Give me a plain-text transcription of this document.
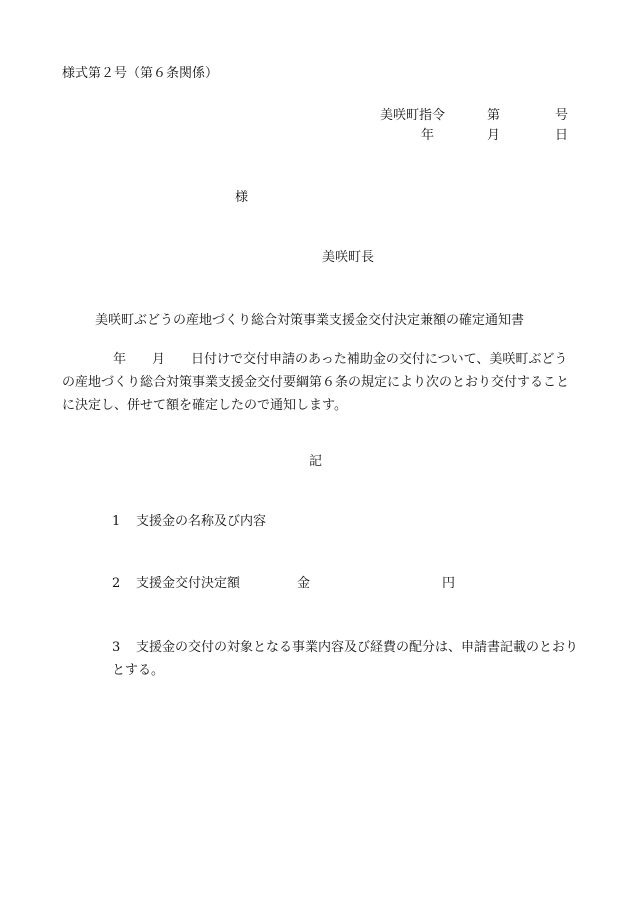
様式第２号（第６条関係）
美咲町指令	第	号
年	月	日
様
美咲町長
美咲町ぶどうの産地づくり総合対策事業支援金交付決定兼額の確定通知書
年 月 日付けで交付申請のあった補助金の交付について、美咲町ぶどうの産地づくり総合対策事業支援金交付要綱第６条の規定により次のとおり交付することに決定し、併せて額を確定したので通知します。
記
1 支援金の名称及び内容
2 支援金交付決定額	金	円
3 支援金の交付の対象となる事業内容及び経費の配分は、申請書記載のとおりとする。
